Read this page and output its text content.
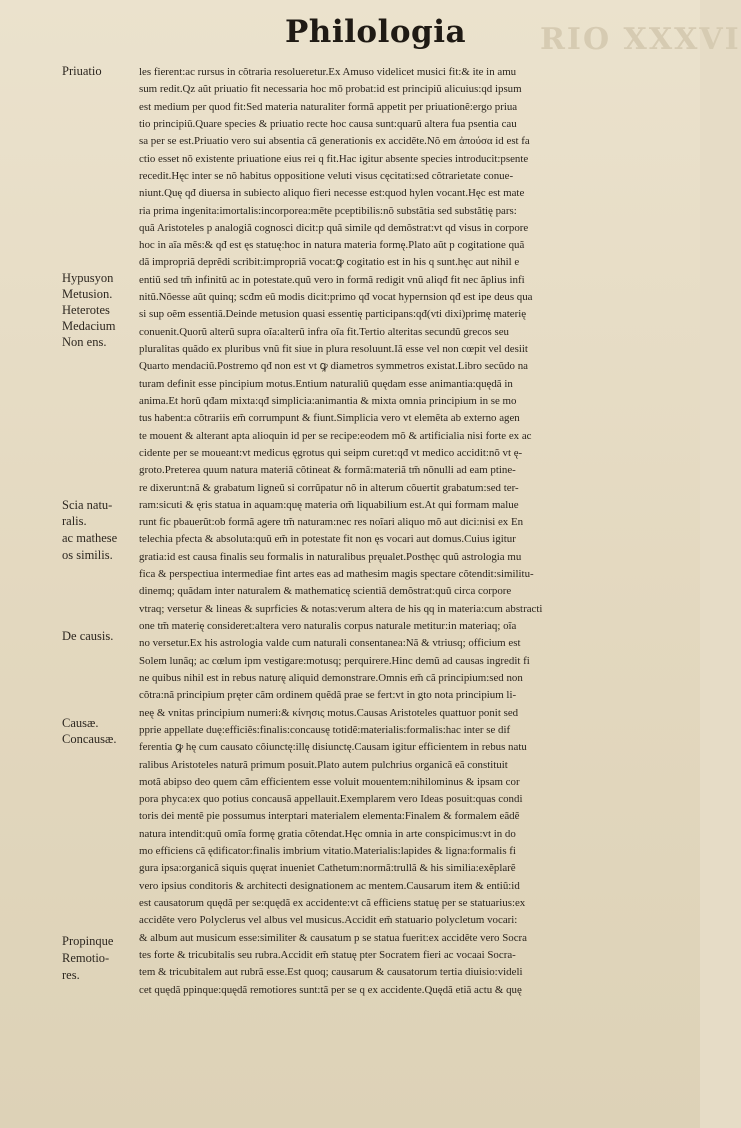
RIO XXXVI
Philologia
Priuatio
Hypusyon
Metusion.
Heterotes
Medacium
Non ens.
Scia natu-
ralis.
ac mathese
os similis.
De causis.
Causæ.
Concausæ.
Propinque
Remotio-
res.
les fierent:ac rursus in cõtraria resolueretur.Ex Amuso videlicet musici fit:& ite in amu
sum redit.Qz aũt priuatio fit necessaria hoc mõ probat:id est principiũ alicuius:qd ipsum
est medium per quod fit:Sed materia naturaliter formã appetit per priuationẽ:ergo priua
tio principiũ.Quare species & priuatio recte hoc causa sunt:quarũ altera fua psentia cau
sa per se est.Priuatio vero sui absentia cã generationis ex accidẽte.Nõ em ἀπούσα id est fa
ctio esset nõ existente priuatione eius rei q fit.Hac igitur absente species introducit:psente
recedit.Hęc inter se nõ habitus oppositione veluti visus cęcitati:sed cõtrarietate conue-
niunt.Quę qđ diuersa in subiecto aliquo fieri necesse est:quod hylen vocant.Hęc est mate
ria prima ingenita:imortalis:incorporea:mẽte pceptibilis:nõ substãtia sed substãtię pars:
quã Aristoteles p analogiã cognosci dicit:p quã simile qd demõstrat:vt qd visus in corpore
hoc in aĩa mẽs:& qđ est ęs statuę:hoc in natura materia formę.Plato aũt p cogitatione quã
dã impropriã deprẽdi scribit:impropriã vocat:ꝙ cogitatio est in his q sunt.hęc aut nihil e
entiũ sed tm̃ infinitũ ac in potestate.quũ vero in formã redigit vnũ aliqđ fit nec ãplius infi
nitũ.Nõesse aũt quinq; scđm eũ modis dicit:primo qđ vocat hypernsion qđ est ipe deus qua
si sup oẽm essentiã.Deinde metusion quasi essentię participans:qđ(vti dixi)primę materię
conuenit.Quorũ alterũ supra oĩa:alterũ infra oĩa fit.Tertio alteritas secundũ grecos seu
pluralitas quãdo ex pluribus vnũ fit siue in plura resoluunt.Iã esse vel non cœpit vel desiit
Quarto mendaciũ.Postremo qđ non est vt ꝙ diametros symmetros existat.Libro secũdo na
turam definit esse pincipium motus.Entium naturaliũ quędam esse animantia:quędã in
anima.Et horũ qđam mixta:qđ simplicia:animantia & mixta omnia principium in se mo
tus habent:a cõtrariis em̃ corrumpunt & fiunt.Simplicia vero vt elemẽta ab externo agen
te mouent & alterant apta alioquin id per se recipe:eodem mõ & artificialia nisi forte ex ac
cidente per se moueant:vt medicus ęgrotus qui seipm curet:qđ vt medico accidit:nõ vt ę-
groto.Preterea quum natura materiã cõtineat & formã:materiã tm̃ nõnulli ad eam ptine-
re dixerunt:nã & grabatum ligneũ si corrũpatur nõ in alterum cõuertit grabatum:sed ter-
ram:sicuti & ęris statua in aquam:quę materia om̃ liquabilium est.At qui formam malue
runt fic pbauerũt:ob formã agere tm̃ naturam:nec res noĩari aliquo mõ aut dici:nisi ex En
telechia pfecta & absoluta:quũ em̃ in potestate fit non ęs vocari aut domus.Cuius igitur
gratia:id est causa finalis seu formalis in naturalibus pręualet.Posthęc quũ astrologia mu
fica & perspectiua intermediae fint artes eas ad mathesim magis spectare cõtendit:similitu-
dinemq; quãdam inter naturalem & mathematicę scientiã demõstrat:quũ circa corpore
vtraq; versetur & lineas & suprficies & notas:verum altera de his qq in materia:cum abstracti
one tm̃ materię consideret:altera vero naturalis corpus naturale metitur:in materiaq; oĩa
no versetur.Ex his astrologia valde cum naturali consentanea:Nã & vtriusq; officium est
Solem lunãq; ac cœlum ipm vestigare:motusq; perquirere.Hinc demũ ad causas ingredit fi
ne quibus nihil est in rebus naturę aliquid demonstrare.Omnis em̃ cã principium:sed non
cõtra:nã principium pręter cãm ordinem quẽdã prae se fert:vt in gto nota principium li-
neę & vnitas principium numeri:& κίνησις motus.Causas Aristoteles quattuor ponit sed
pprie appellate duę:efficiẽs:finalis:concausę totidẽ:materialis:formalis:hac inter se dif
ferentia ꝙ hę cum causato cõiunctę:illę disiunctę.Causam igitur efficientem in rebus natu
ralibus Aristoteles naturã primum posuit.Plato autem pulchrius organicã eã constituit
motã abipso deo quem cãm efficientem esse voluit mouentem:nihilominus & ipsam cor
pora phyca:ex quo potius concausã appellauit.Exemplarem vero Ideas posuit:quas condi
toris dei mentẽ pie possumus interptari materialem elementa:Finalem & formalem eãdẽ
natura intendit:quũ omĩa formę gratia cõtendat.Hęc omnia in arte conspicimus:vt in do
mo efficiens cã ędificator:finalis imbrium vitatio.Materialis:lapides & ligna:formalis fi
gura ipsa:organicã siquis quęrat inueniet Cathetum:normã:trullã & his similia:exẽplarẽ
vero ipsius conditoris & architecti designationem ac mentem.Causarum item & entiũ:id
est causatorum quędã per se:quędã ex accidente:vt cã efficiens statuę per se statuarius:ex
accidẽte vero Polyclerus vel albus vel musicus.Accidit em̃ statuario polycletum vocari:
& album aut musicum esse:similiter & causatum p se statua fuerit:ex accidẽte vero Socra
tes forte & tricubitalis seu rubra.Accidit em̃ statuę pter Socratem fieri ac vocaai Socra-
tem & tricubitalem aut rubrã esse.Est quoq; causarum & causatorum tertia diuisio:videli
cet quędã ppinque:quędã remotiores sunt:tã per se q ex accidente.Quędã etiã actu & quę
